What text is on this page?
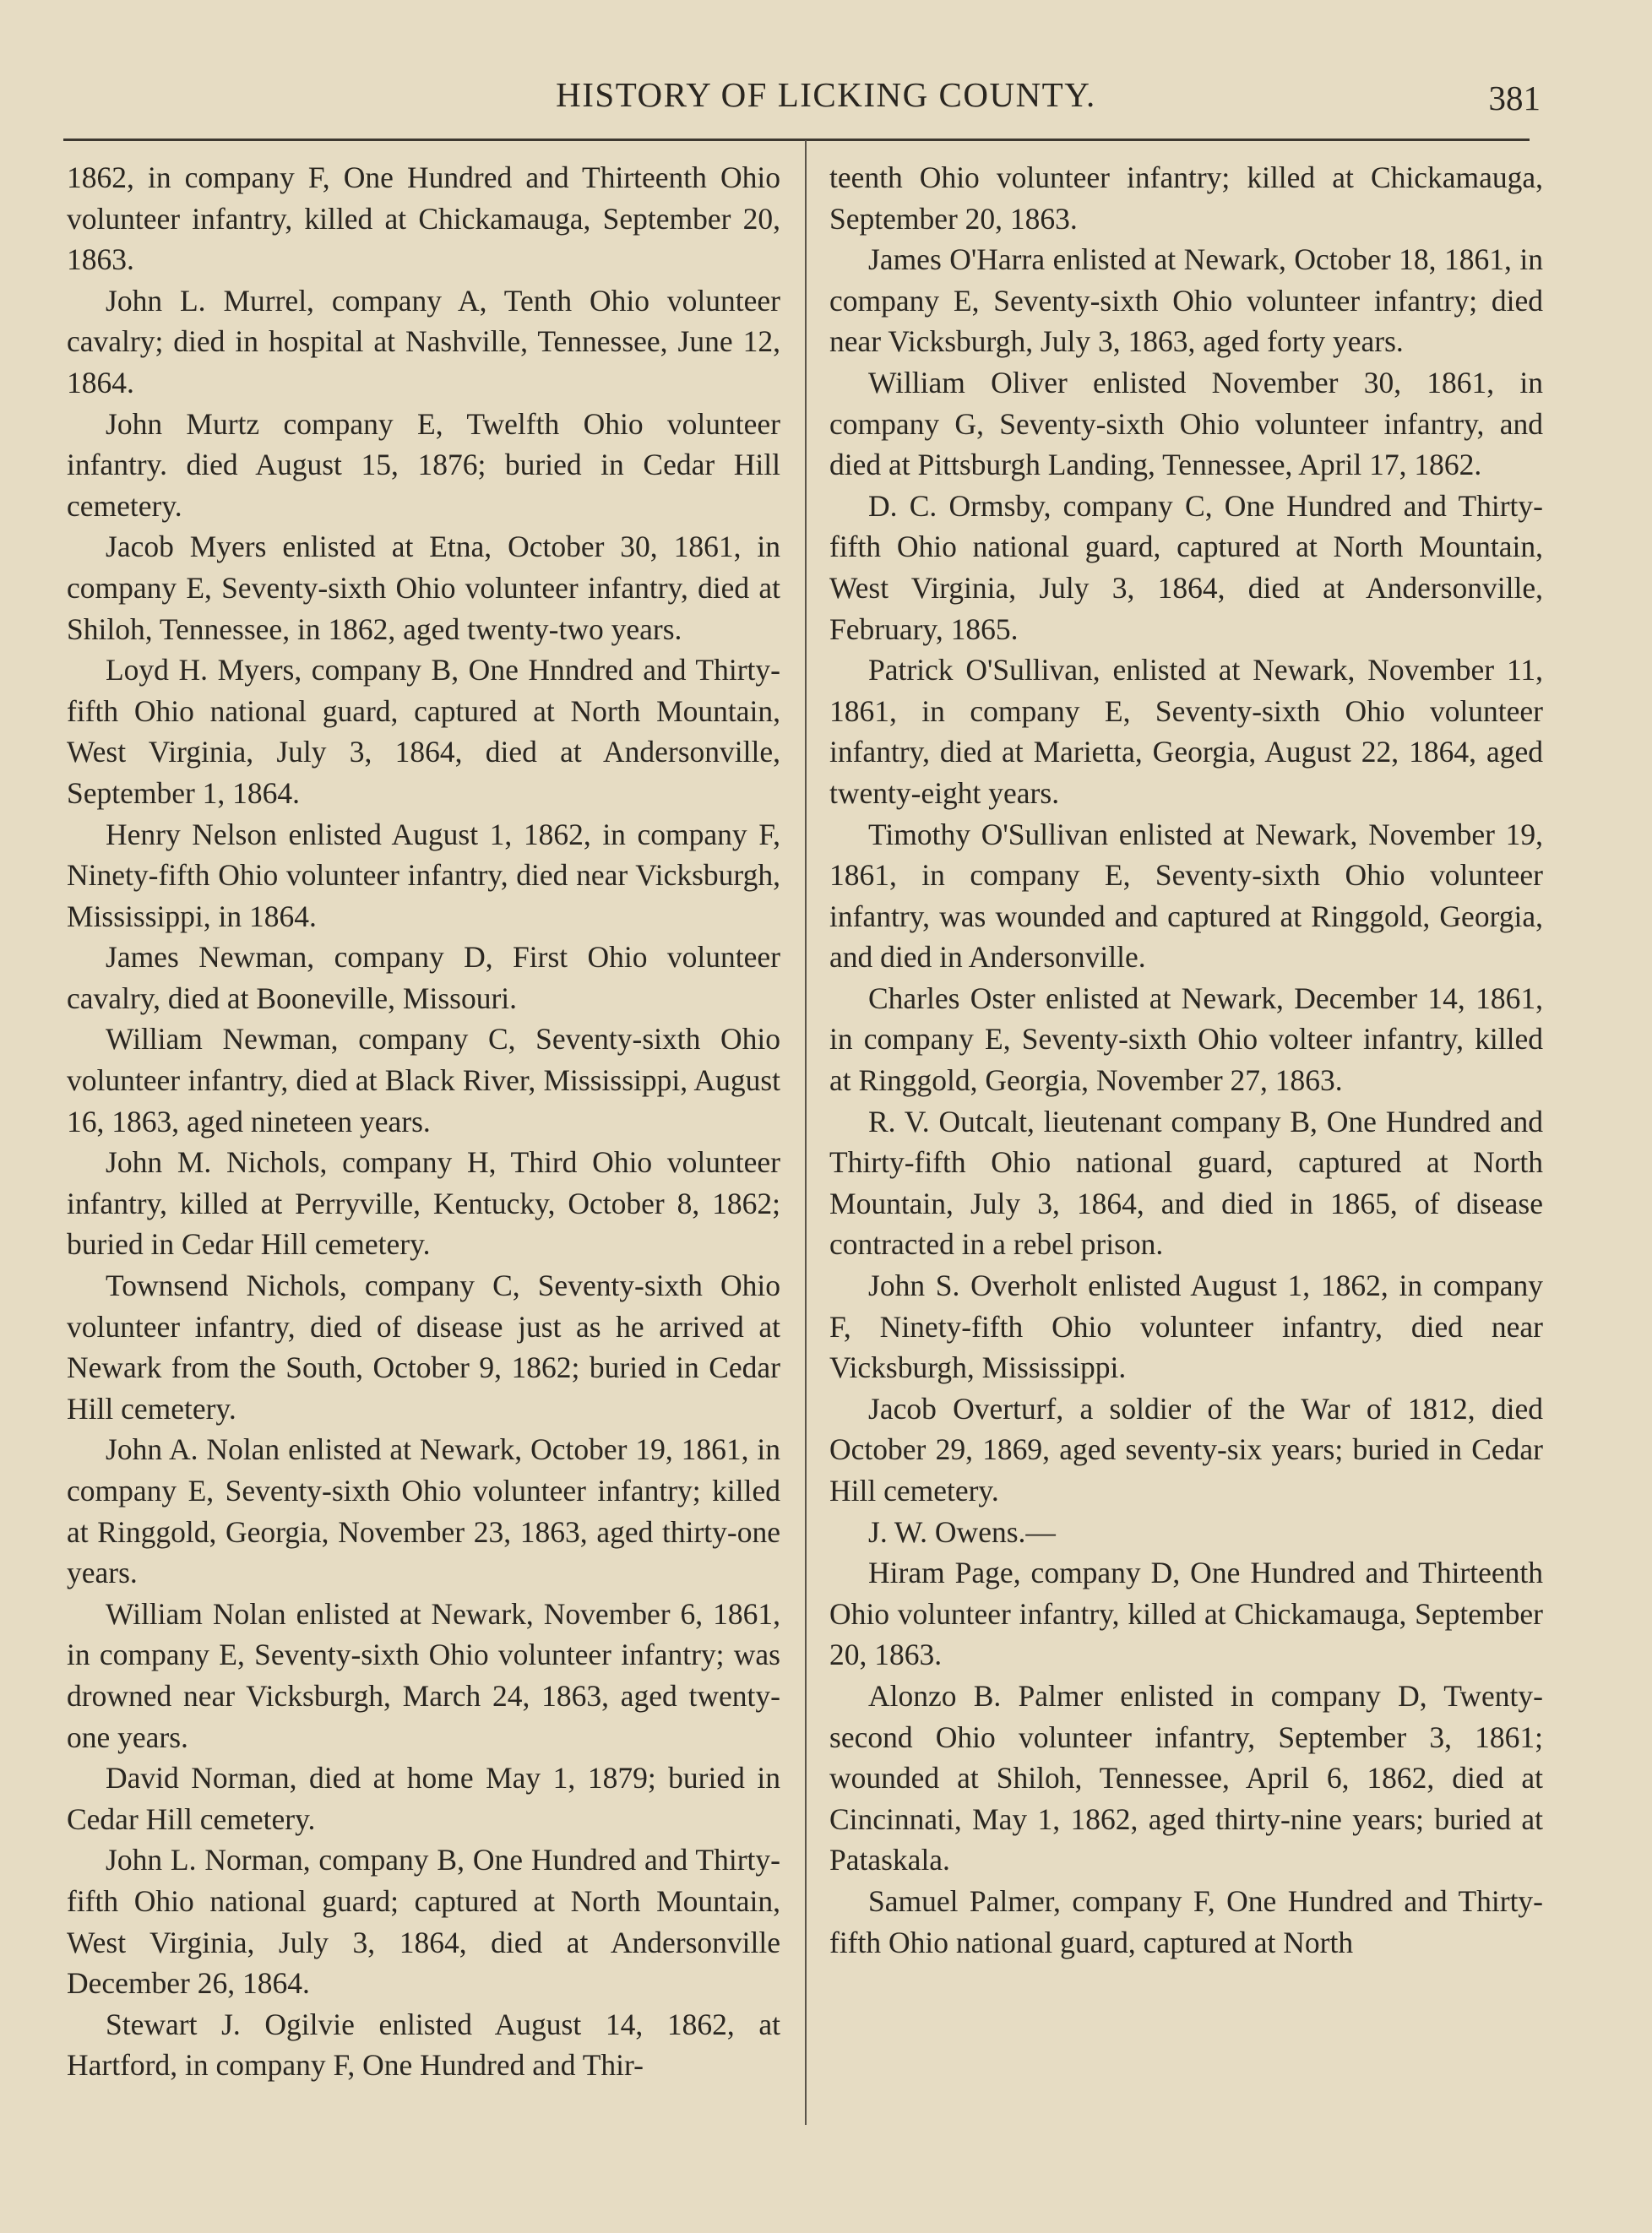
HISTORY OF LICKING COUNTY.	381

1862, in company F, One Hundred and Thirteenth Ohio volunteer infantry, killed at Chickamauga, September 20, 1863.

John L. Murrel, company A, Tenth Ohio volunteer cavalry; died in hospital at Nashville, Tennessee, June 12, 1864.

John Murtz company E, Twelfth Ohio volunteer infantry. died August 15, 1876; buried in Cedar Hill cemetery.

Jacob Myers enlisted at Etna, October 30, 1861, in company E, Seventy-sixth Ohio volunteer infantry, died at Shiloh, Tennessee, in 1862, aged twenty-two years.

Loyd H. Myers, company B, One Hnndred and Thirty-fifth Ohio national guard, captured at North Mountain, West Virginia, July 3, 1864, died at Andersonville, September 1, 1864.

Henry Nelson enlisted August 1, 1862, in company F, Ninety-fifth Ohio volunteer infantry, died near Vicksburgh, Mississippi, in 1864.

James Newman, company D, First Ohio volunteer cavalry, died at Booneville, Missouri.

William Newman, company C, Seventy-sixth Ohio volunteer infantry, died at Black River, Mississippi, August 16, 1863, aged nineteen years.

John M. Nichols, company H, Third Ohio volunteer infantry, killed at Perryville, Kentucky, October 8, 1862; buried in Cedar Hill cemetery.

Townsend Nichols, company C, Seventy-sixth Ohio volunteer infantry, died of disease just as he arrived at Newark from the South, October 9, 1862; buried in Cedar Hill cemetery.

John A. Nolan enlisted at Newark, October 19, 1861, in company E, Seventy-sixth Ohio volunteer infantry; killed at Ringgold, Georgia, November 23, 1863, aged thirty-one years.

William Nolan enlisted at Newark, November 6, 1861, in company E, Seventy-sixth Ohio volunteer infantry; was drowned near Vicksburgh, March 24, 1863, aged twenty-one years.

David Norman, died at home May 1, 1879; buried in Cedar Hill cemetery.

John L. Norman, company B, One Hundred and Thirty-fifth Ohio national guard; captured at North Mountain, West Virginia, July 3, 1864, died at Andersonville December 26, 1864.

Stewart J. Ogilvie enlisted August 14, 1862, at Hartford, in company F, One Hundred and Thir-

teenth Ohio volunteer infantry; killed at Chickamauga, September 20, 1863.

James O'Harra enlisted at Newark, October 18, 1861, in company E, Seventy-sixth Ohio volunteer infantry; died near Vicksburgh, July 3, 1863, aged forty years.

William Oliver enlisted November 30, 1861, in company G, Seventy-sixth Ohio volunteer infantry, and died at Pittsburgh Landing, Tennessee, April 17, 1862.

D. C. Ormsby, company C, One Hundred and Thirty-fifth Ohio national guard, captured at North Mountain, West Virginia, July 3, 1864, died at Andersonville, February, 1865.

Patrick O'Sullivan, enlisted at Newark, November 11, 1861, in company E, Seventy-sixth Ohio volunteer infantry, died at Marietta, Georgia, August 22, 1864, aged twenty-eight years.

Timothy O'Sullivan enlisted at Newark, November 19, 1861, in company E, Seventy-sixth Ohio volunteer infantry, was wounded and captured at Ringgold, Georgia, and died in Andersonville.

Charles Oster enlisted at Newark, December 14, 1861, in company E, Seventy-sixth Ohio volteer infantry, killed at Ringgold, Georgia, November 27, 1863.

R. V. Outcalt, lieutenant company B, One Hundred and Thirty-fifth Ohio national guard, captured at North Mountain, July 3, 1864, and died in 1865, of disease contracted in a rebel prison.

John S. Overholt enlisted August 1, 1862, in company F, Ninety-fifth Ohio volunteer infantry, died near Vicksburgh, Mississippi.

Jacob Overturf, a soldier of the War of 1812, died October 29, 1869, aged seventy-six years; buried in Cedar Hill cemetery.

J. W. Owens.—

Hiram Page, company D, One Hundred and Thirteenth Ohio volunteer infantry, killed at Chickamauga, September 20, 1863.

Alonzo B. Palmer enlisted in company D, Twenty-second Ohio volunteer infantry, September 3, 1861; wounded at Shiloh, Tennessee, April 6, 1862, died at Cincinnati, May 1, 1862, aged thirty-nine years; buried at Pataskala.

Samuel Palmer, company F, One Hundred and Thirty-fifth Ohio national guard, captured at North
